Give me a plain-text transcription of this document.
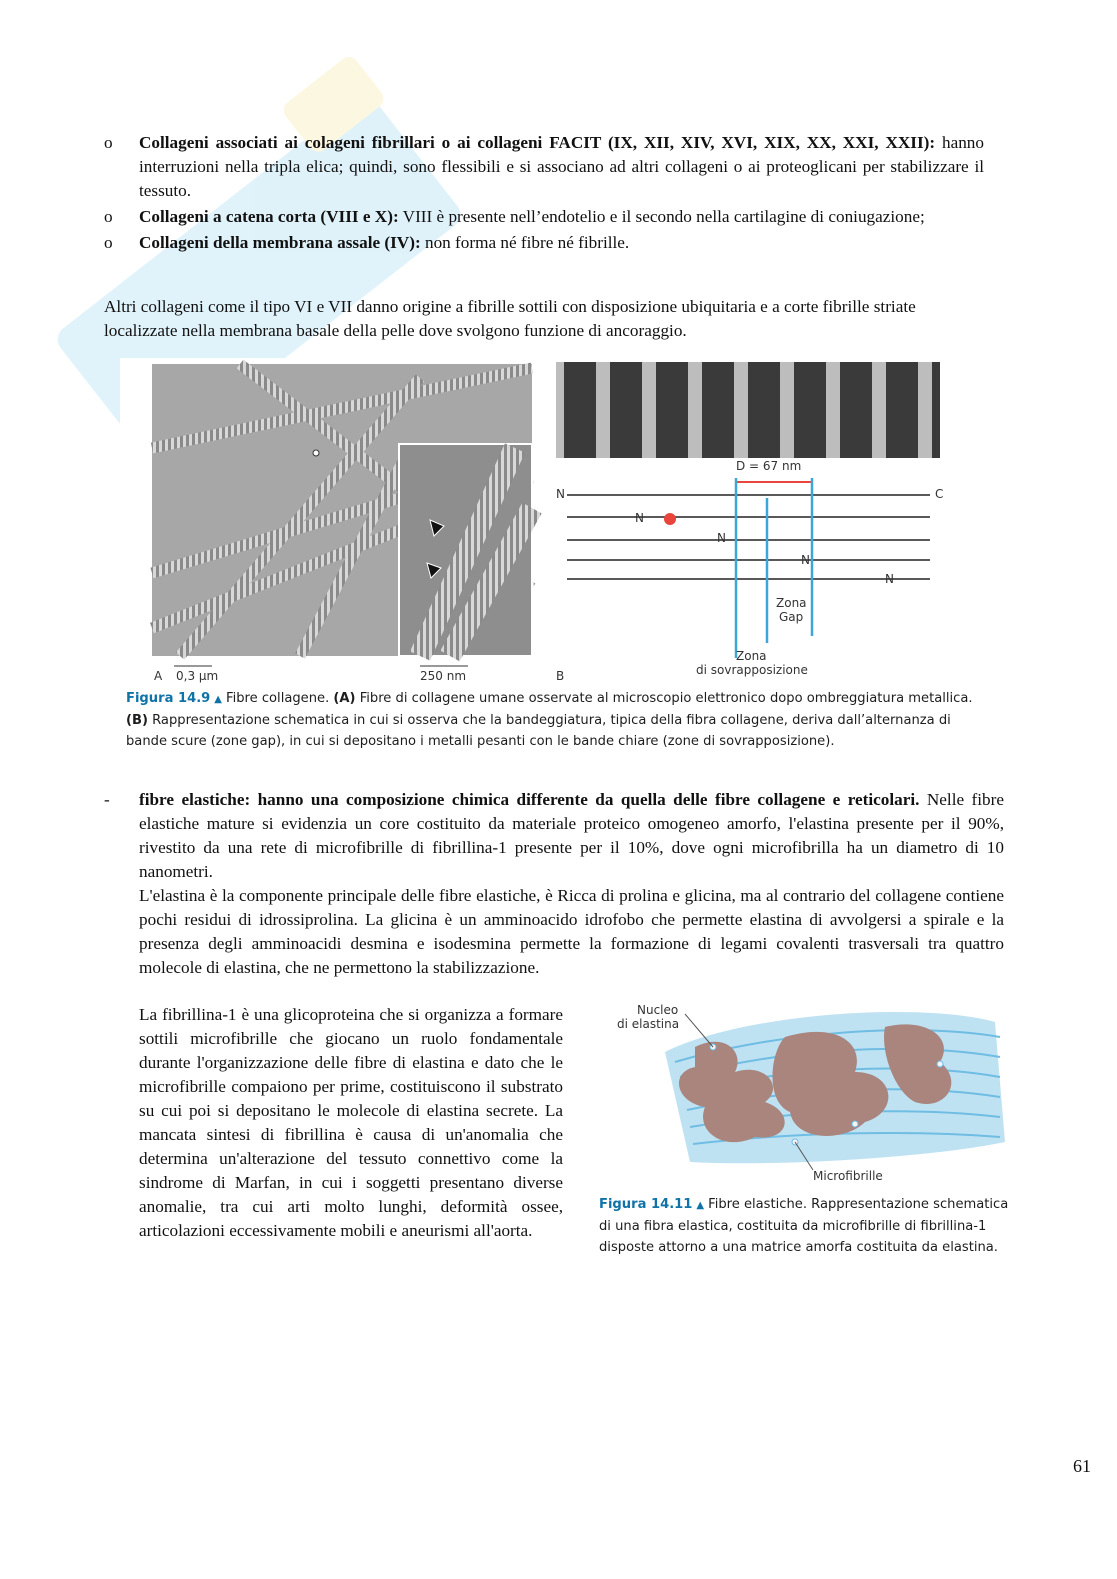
o	Collageni associati ai colageni fibrillari o ai collageni FACIT (IX, XII, XIV, XVI, XIX, XX, XXI, XXII): hanno interruzioni nella tripla elica; quindi, sono flessibili e si associano ad altri collageni o ai proteoglicani per stabilizzare il tessuto.
o	Collageni a catena corta (VIII e X): VIII è presente nell’endotelio e il secondo nella cartilagine di coniugazione;
o	Collageni della membrana assale (IV): non forma né fibre né fibrille.
Altri collageni come il tipo VI e VII danno origine a fibrille sottili con disposizione ubiquitaria e a corte fibrille striate localizzate nella membrana basale della pelle dove svolgono funzione di ancoraggio.
A 0,3 µm	250 nm
D = 67 nm
N	C
N
N
N
N
Zona
Gap
Zona
di sovrapposizione
B
Figura 14.9 ▲ Fibre collagene. (A) Fibre di collagene umane osservate al microscopio elettronico dopo ombreggiatura metallica. (B) Rappresentazione schematica in cui si osserva che la bandeggiatura, tipica della fibra collagene, deriva dall’alternanza di bande scure (zone gap), in cui si depositano i metalli pesanti con le bande chiare (zone di sovrapposizione).
- fibre elastiche: hanno una composizione chimica differente da quella delle fibre collagene e reticolari. Nelle fibre elastiche mature si evidenzia un core costituito da materiale proteico omogeneo amorfo, l'elastina presente per il 90%, rivestito da una rete di microfibrille di fibrillina-1 presente per il 10%, dove ogni microfibrilla ha un diametro di 10 nanometri.
L'elastina è la componente principale delle fibre elastiche, è Ricca di prolina e glicina, ma al contrario del collagene contiene pochi residui di idrossiprolina. La glicina è un amminoacido idrofobo che permette elastina di avvolgersi a spirale e la presenza degli amminoacidi desmina e isodesmina permette la formazione di legami covalenti trasversali tra quattro molecole di elastina, che ne permettono la stabilizzazione.
La fibrillina-1 è una glicoproteina che si organizza a formare sottili microfibrille che giocano un ruolo fondamentale durante l'organizzazione delle fibre di elastina e dato che le microfibrille compaiono per prime, costituiscono il substrato su cui poi si depositano le molecole di elastina secrete. La mancata sintesi di fibrillina è causa di un'anomalia che determina un'alterazione del tessuto connettivo come la sindrome di Marfan, in cui i soggetti presentano diverse anomalie, tra cui arti molto lunghi, deformità ossee, articolazioni eccessivamente mobili e aneurismi all'aorta.
Nucleo
di elastina
Microfibrille
Figura 14.11 ▲ Fibre elastiche. Rappresentazione schematica di una fibra elastica, costituita da microfibrille di fibrillina-1 disposte attorno a una matrice amorfa costituita da elastina.
61
